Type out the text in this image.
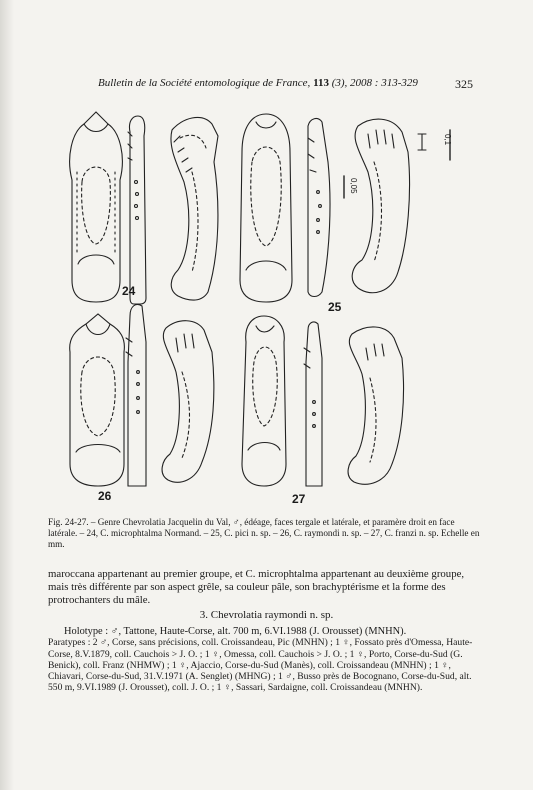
Bulletin de la Société entomologique de France, 113 (3), 2008 : 313-329	325
24
25
26	27
0,1
0,05
Fig. 24-27. – Genre Chevrolatia Jacquelin du Val, ♂, édéage, faces tergale et latérale, et paramère droit en face latérale. – 24, C. microphtalma Normand. – 25, C. pici n. sp. – 26, C. raymondi n. sp. – 27, C. franzi n. sp. Echelle en mm.
maroccana appartenant au premier groupe, et C. microphtalma appartenant au deuxième groupe, mais très différente par son aspect grêle, sa couleur pâle, son brachyptérisme et la forme des protrochanters du mâle.
3. Chevrolatia raymondi n. sp.
Holotype : ♂, Tattone, Haute-Corse, alt. 700 m, 6.VI.1988 (J. Orousset) (MNHN).
Paratypes : 2 ♂, Corse, sans précisions, coll. Croissandeau, Pic (MNHN) ; 1 ♀, Fossato près d'Omessa, Haute-Corse, 8.V.1879, coll. Cauchois > J. O. ; 1 ♀, Omessa, coll. Cauchois > J. O. ; 1 ♀, Porto, Corse-du-Sud (G. Benick), coll. Franz (NHMW) ; 1 ♀, Ajaccio, Corse-du-Sud (Manès), coll. Croissandeau (MNHN) ; 1 ♀, Chiavari, Corse-du-Sud, 31.V.1971 (A. Senglet) (MHNG) ; 1 ♂, Busso près de Bocognano, Corse-du-Sud, alt. 550 m, 9.VI.1989 (J. Orousset), coll. J. O. ; 1 ♀, Sassari, Sardaigne, coll. Croissandeau (MNHN).
